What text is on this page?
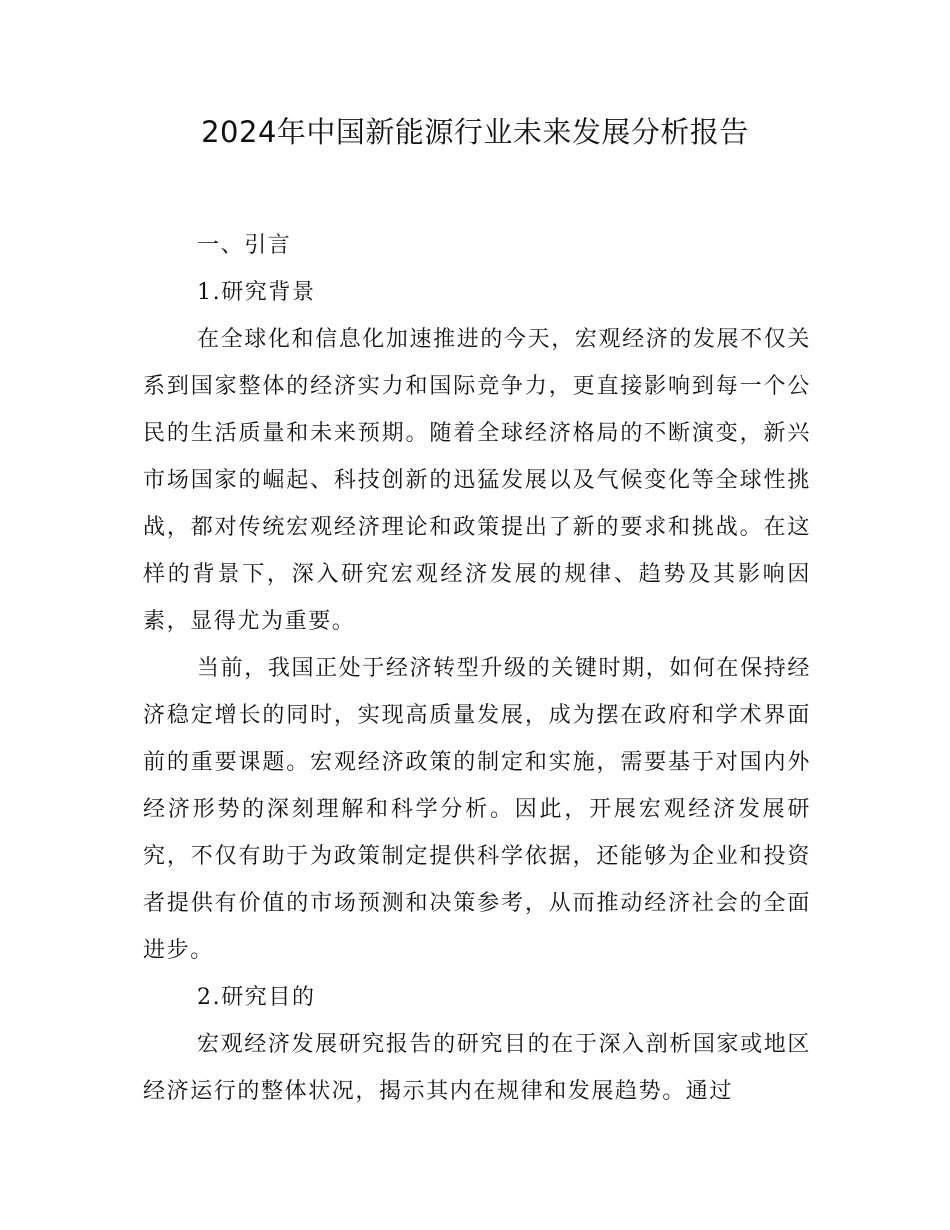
2024年中国新能源行业未来发展分析报告

一、引言

1.研究背景

在全球化和信息化加速推进的今天，宏观经济的发展不仅关系到国家整体的经济实力和国际竞争力，更直接影响到每一个公民的生活质量和未来预期。随着全球经济格局的不断演变，新兴市场国家的崛起、科技创新的迅猛发展以及气候变化等全球性挑战，都对传统宏观经济理论和政策提出了新的要求和挑战。在这样的背景下，深入研究宏观经济发展的规律、趋势及其影响因素，显得尤为重要。

当前，我国正处于经济转型升级的关键时期，如何在保持经济稳定增长的同时，实现高质量发展，成为摆在政府和学术界面前的重要课题。宏观经济政策的制定和实施，需要基于对国内外经济形势的深刻理解和科学分析。因此，开展宏观经济发展研究，不仅有助于为政策制定提供科学依据，还能够为企业和投资者提供有价值的市场预测和决策参考，从而推动经济社会的全面进步。

2.研究目的

宏观经济发展研究报告的研究目的在于深入剖析国家或地区经济运行的整体状况，揭示其内在规律和发展趋势。通过
